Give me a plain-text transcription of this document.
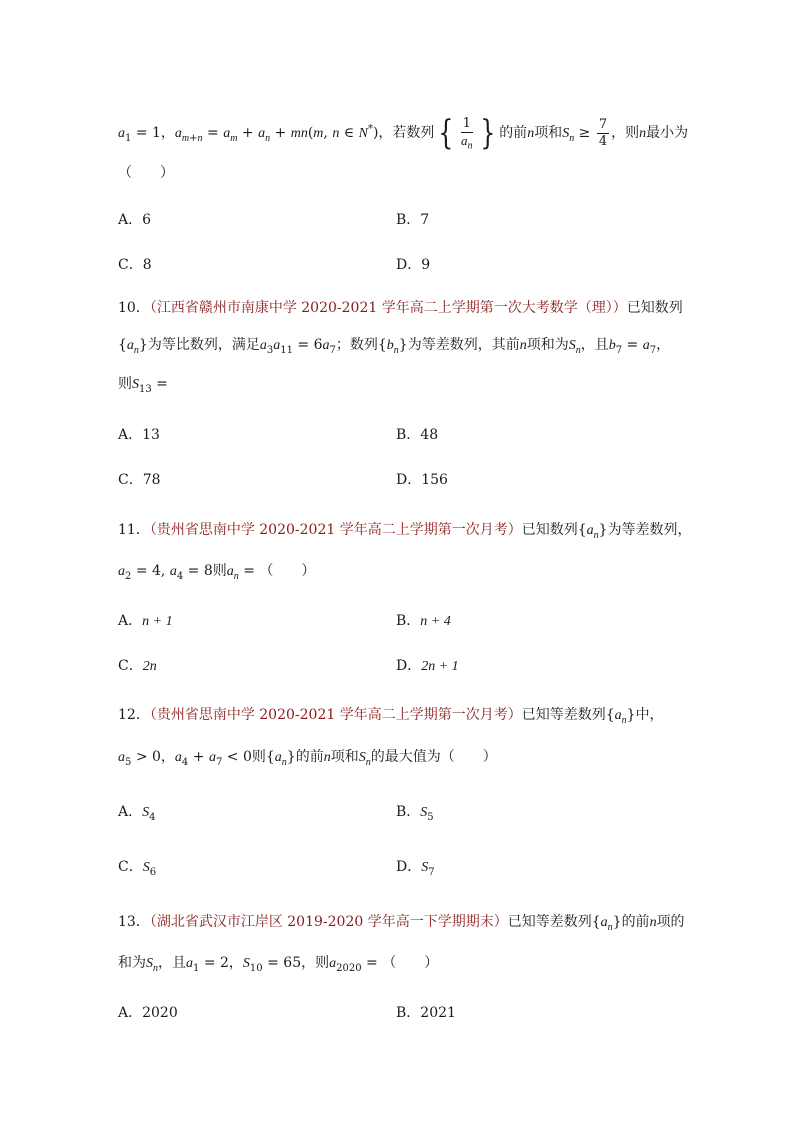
$a_1 = 1$，$a_{m+n} = a_m + a_n + mn(m$, n ∈ N*)，若数列 { $\frac{1}{a_n}$ } 的前n项和$S_n \ge \frac{7}{4}$ ，则n最小为
（　　）
A．6	B．7
C．8	D．9
10．（江西省赣州市南康中学 2020-2021 学年高二上学期第一次大考数学（理））已知数列
$\{a_n\}$为等比数列，满足$a_3a_{11} = 6a_7$；数列$\{b_n\}$为等差数列，其前n项和为$S_n$，且$b_7 = a_7$，
则$S_{13}$ =
A．13	B．48
C．78	D．156
11．（贵州省思南中学 2020-2021 学年高二上学期第一次月考）已知数列$\{a_n\}$为等差数列，
$a_2 = 4$, $a_4 = 8$则$a_n$ = （　　）
A．n + 1	B．n + 4
C．2n	D．2n + 1
12．（贵州省思南中学 2020-2021 学年高二上学期第一次月考）已知等差数列$\{a_n\}$中，
$a_5 > 0$，$a_4 + a_7 < 0$则$\{a_n\}$的前n项和$S_n$的最大值为（　　）
A．$S_4$	B．$S_5$
C．$S_6$	D．$S_7$
13．（湖北省武汉市江岸区 2019-2020 学年高一下学期期末）已知等差数列$\{a_n\}$的前n项的
和为$S_n$，且$a_1 = 2$，$S_{10} = 65$，则$a_{2020}$ = （　　）
A．2020	B．2021
